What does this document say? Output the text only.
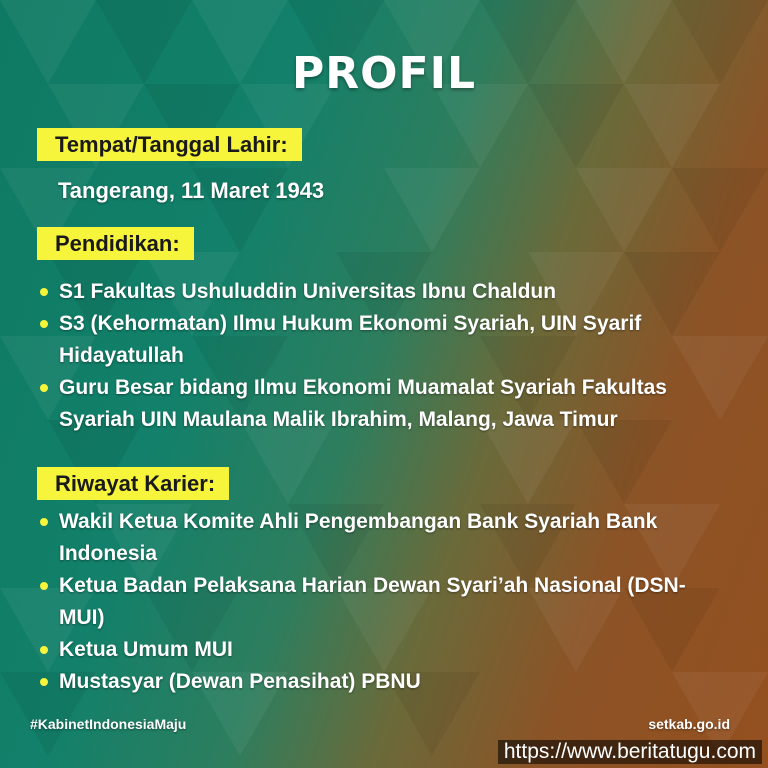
PROFIL
Tempat/Tanggal Lahir:
Tangerang, 11 Maret 1943
Pendidikan:
S1 Fakultas Ushuluddin Universitas Ibnu Chaldun
S3 (Kehormatan) Ilmu Hukum Ekonomi Syariah, UIN Syarif Hidayatullah
Guru Besar bidang Ilmu Ekonomi Muamalat Syariah Fakultas Syariah UIN Maulana Malik Ibrahim, Malang, Jawa Timur
Riwayat Karier:
Wakil Ketua Komite Ahli Pengembangan Bank Syariah Bank Indonesia
Ketua Badan Pelaksana Harian Dewan Syari’ah Nasional (DSN-MUI)
Ketua Umum MUI
Mustasyar (Dewan Penasihat) PBNU
#KabinetIndonesiaMaju	setkab.go.id
https://www.beritatugu.com
